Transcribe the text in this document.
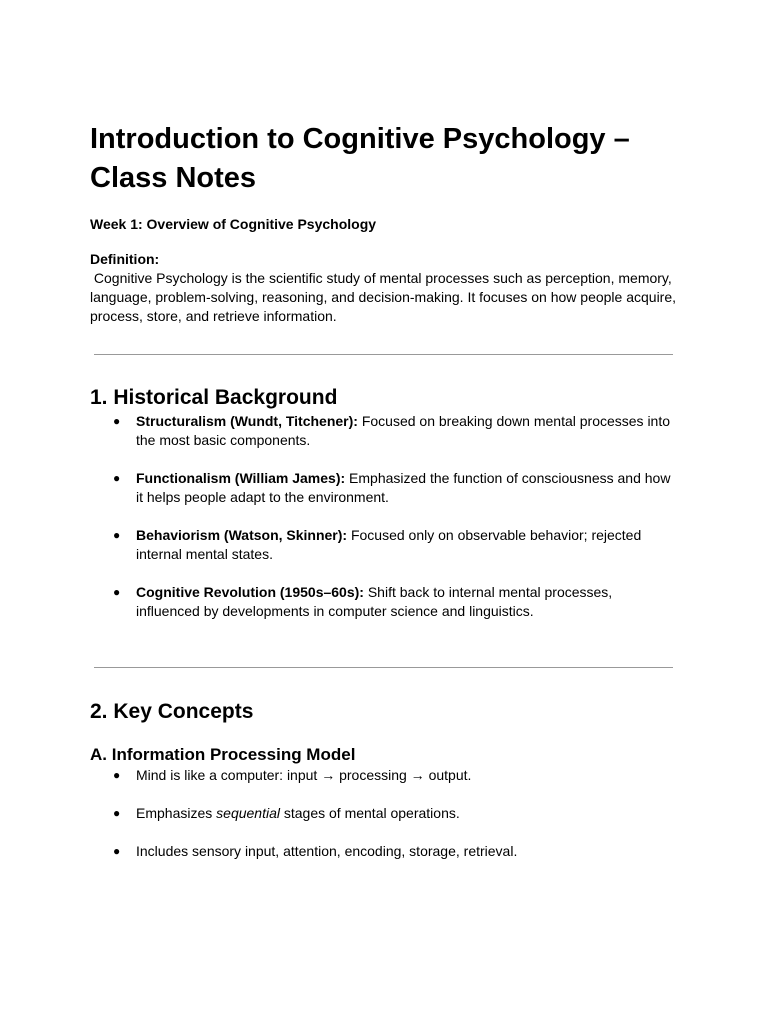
Introduction to Cognitive Psychology – Class Notes

Week 1: Overview of Cognitive Psychology

Definition:

Cognitive Psychology is the scientific study of mental processes such as perception, memory, language, problem-solving, reasoning, and decision-making. It focuses on how people acquire, process, store, and retrieve information.

1. Historical Background
● Structuralism (Wundt, Titchener): Focused on breaking down mental processes into the most basic components.
● Functionalism (William James): Emphasized the function of consciousness and how it helps people adapt to the environment.
● Behaviorism (Watson, Skinner): Focused only on observable behavior; rejected internal mental states.
● Cognitive Revolution (1950s–60s): Shift back to internal mental processes, influenced by developments in computer science and linguistics.
2. Key Concepts
A. Information Processing Model
● Mind is like a computer: input → processing → output.
● Emphasizes sequential stages of mental operations.
● Includes sensory input, attention, encoding, storage, retrieval.
